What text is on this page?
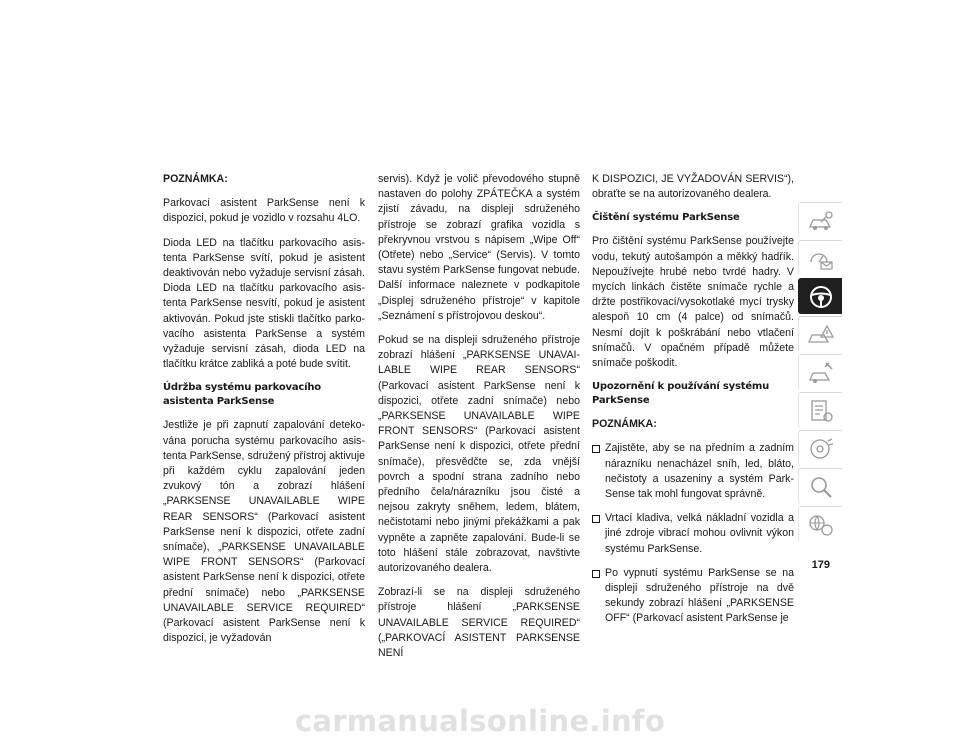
POZNÁMKA:

Parkovací asistent ParkSense není k dispozici, pokud je vozidlo v rozsahu 4LO.

Dioda LED na tlačítku parkovacího asistenta ParkSense svítí, pokud je asistent deaktivován nebo vyžaduje servisní zásah. Dioda LED na tlačítku parkovacího asistenta ParkSense nesvítí, pokud je asistent aktivován. Pokud jste stiskli tlačítko parkovacího asistenta ParkSense a systém vyžaduje servisní zásah, dioda LED na tlačítku krátce zabliká a poté bude svítit.

Údržba systému parkovacího asistenta ParkSense

Jestliže je při zapnutí zapalování detekována porucha systému parkovacího asistenta ParkSense, sdružený přístroj aktivuje při každém cyklu zapalování jeden zvukový tón a zobrazí hlášení „PARKSENSE UNAVAILABLE WIPE REAR SENSORS“ (Parkovací asistent ParkSense není k dispozici, otřete zadní snímače), „PARKSENSE UNAVAILABLE WIPE FRONT SENSORS“ (Parkovací asistent ParkSense není k dispozici, otřete přední snímače) nebo „PARKSENSE UNAVAILABLE SERVICE REQUIRED“ (Parkovací asistent ParkSense není k dispozici, je vyžadován

servis). Když je volič převodového stupně nastaven do polohy ZPÁTEČKA a systém zjistí závadu, na displeji sdruženého přístroje se zobrazí grafika vozidla s překryvnou vrstvou s nápisem „Wipe Off“ (Otřete) nebo „Service“ (Servis). V tomto stavu systém ParkSense fungovat nebude. Další informace naleznete v podkapitole „Displej sdruženého přístroje“ v kapitole „Seznámení s přístrojovou deskou“.

Pokud se na displeji sdruženého přístroje zobrazí hlášení „PARKSENSE UNAVAILABLE WIPE REAR SENSORS“ (Parkovací asistent ParkSense není k dispozici, otřete zadní snímače) nebo „PARKSENSE UNAVAILABLE WIPE FRONT SENSORS“ (Parkovací asistent ParkSense není k dispozici, otřete přední snímače), přesvědčte se, zda vnější povrch a spodní strana zadního nebo předního čela/nárazníku jsou čisté a nejsou zakryty sněhem, ledem, blátem, nečistotami nebo jinými překážkami a pak vypněte a zapněte zapalování. Bude-li se toto hlášení stále zobrazovat, navštivte autorizovaného dealera.

Zobrazí-li se na displeji sdruženého přístroje hlášení „PARKSENSE UNAVAILABLE SERVICE REQUIRED“ („PARKOVACÍ ASISTENT PARKSENSE NENÍ

K DISPOZICI, JE VYŽADOVÁN SERVIS“), obraťte se na autorizovaného dealera.

Čištění systému ParkSense

Pro čištění systému ParkSense používejte vodu, tekutý autošampón a měkký hadřík. Nepoužívejte hrubé nebo tvrdé hadry. V mycích linkách čistěte snímače rychle a držte postřikovací/vysokotlaké mycí trysky alespoň 10 cm (4 palce) od snímačů. Nesmí dojít k poškrábání nebo vtlačení snímačů. V opačném případě můžete snímače poškodit.

Upozornění k používání systému ParkSense

POZNÁMKA:

Zajistěte, aby se na předním a zadním nárazníku nenacházel sníh, led, bláto, nečistoty a usazeniny a systém ParkSense tak mohl fungovat správně.
Vrtací kladiva, velká nákladní vozidla a jiné zdroje vibrací mohou ovlivnit výkon systému ParkSense.
Po vypnutí systému ParkSense se na displeji sdruženého přístroje na dvě sekundy zobrazí hlášení „PARKSENSE OFF“ (Parkovací asistent ParkSense je
179
carmanualsonline.info
